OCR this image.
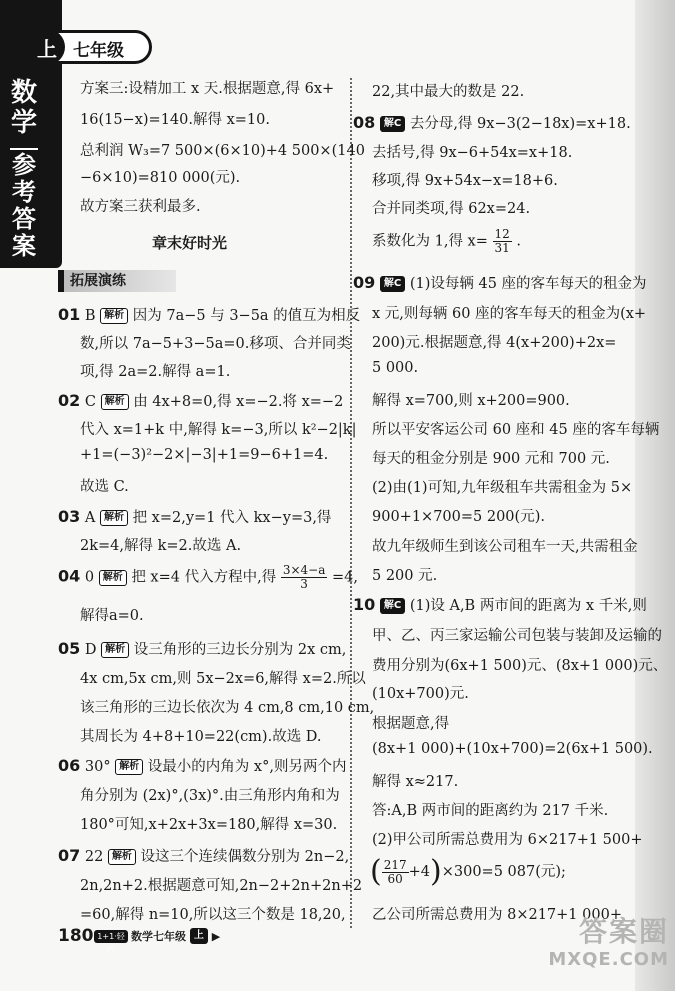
上 七年级
数学
参考答案

方案三:设精加工 x 天.根据题意,得 6x+

16(15−x)=140.解得 x=10.

总利润 W₃=7 500×(6×10)+4 500×(140

−6×10)=810 000(元).

故方案三获利最多.

章末好时光

拓展演练

01 B 解析 因为 7a−5 与 3−5a 的值互为相反

数,所以 7a−5+3−5a=0.移项、合并同类

项,得 2a=2.解得 a=1.

02 C 解析 由 4x+8=0,得 x=−2.将 x=−2

代入 x=1+k 中,解得 k=−3,所以 k²−2|k|

+1=(−3)²−2×|−3|+1=9−6+1=4.

故选 C.

03 A 解析 把 x=2,y=1 代入 kx−y=3,得

2k=4,解得 k=2.故选 A.

04 0 解析 把 x=4 代入方程中,得 $\frac{3\times 4-a}{3} =4$,

解得a=0.

05 D 解析 设三角形的三边长分别为 2x cm,

4x cm,5x cm,则 5x−2x=6,解得 x=2.所以

该三角形的三边长依次为 4 cm,8 cm,10 cm,

其周长为 4+8+10=22(cm).故选 D.

06 30° 解析 设最小的内角为 x°,则另两个内

角分别为 (2x)°,(3x)°.由三角形内角和为

180°可知,x+2x+3x=180,解得 x=30.

07 22 解析 设这三个连续偶数分别为 2n−2,

2n,2n+2.根据题意可知,2n−2+2n+2n+2

=60,解得 n=10,所以这三个数是 18,20,

22,其中最大的数是 22.

08 解C 去分母,得 9x−3(2−18x)=x+18.

去括号,得 9x−6+54x=x+18.

移项,得 9x+54x−x=18+6.

合并同类项,得 62x=24.

系数化为 1,得 $x= \frac{12}{31}$ .

09 解C (1)设每辆 45 座的客车每天的租金为

x 元,则每辆 60 座的客车每天的租金为(x+

200)元.根据题意,得 4(x+200)+2x=

5 000.

解得 x=700,则 x+200=900.

所以平安客运公司 60 座和 45 座的客车每辆

每天的租金分别是 900 元和 700 元.

(2)由(1)可知,九年级租车共需租金为 5×

900+1×700=5 200(元).

故九年级师生到该公司租车一天,共需租金

5 200 元.

10 解C (1)设 A,B 两市间的距离为 x 千米,则

甲、乙、丙三家运输公司包装与装卸及运输的

费用分别为(6x+1 500)元、(8x+1 000)元、

(10x+700)元.

根据题意,得

(8x+1 000)+(10x+700)=2(6x+1 500).

解得 x≈217.

答:A,B 两市间的距离约为 217 千米.

(2)甲公司所需总费用为 6×217+1 500+

( $\frac{217}{60} +4)\times 300=5$ 087(元);

乙公司所需总费用为 8×217+1 000+

180 1+1·轻巧
数学七年级 上 ▶	答案圈
MXQE.COM
